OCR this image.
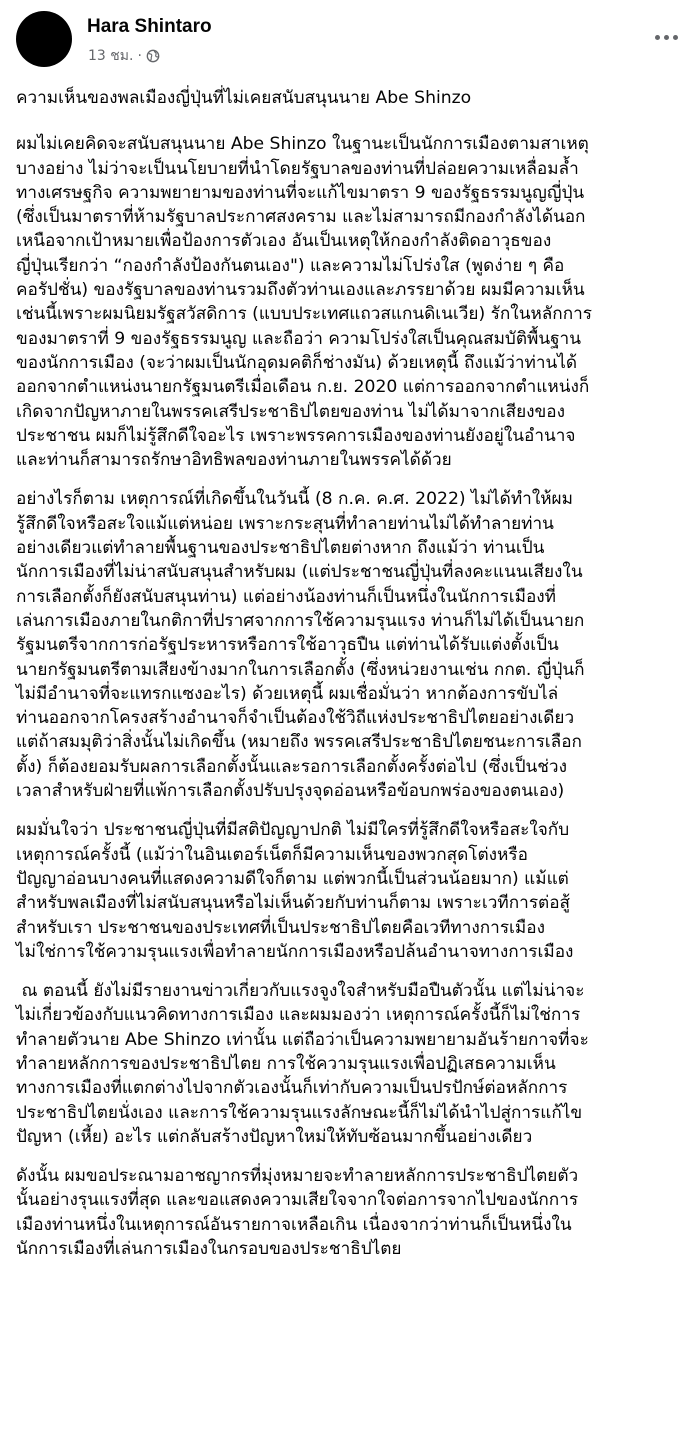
Hara Shintaro
13 ชม. ·

ความเห็นของพลเมืองญี่ปุ่นที่ไม่เคยสนับสนุนนาย Abe Shinzo

ผมไม่เคยคิดจะสนับสนุนนาย Abe Shinzo ในฐานะเป็นนักการเมืองตามสาเหตุ
บางอย่าง ไม่ว่าจะเป็นนโยบายที่นำโดยรัฐบาลของท่านที่ปล่อยความเหลื่อมล้ำ
ทางเศรษฐกิจ ความพยายามของท่านที่จะแก้ไขมาตรา 9 ของรัฐธรรมนูญญี่ปุ่น
(ซึ่งเป็นมาตราที่ห้ามรัฐบาลประกาศสงคราม และไม่สามารถมีกองกำลังได้นอก
เหนือจากเป้าหมายเพื่อป้องการตัวเอง อันเป็นเหตุให้กองกำลังติดอาวุธของ
ญี่ปุ่นเรียกว่า “กองกำลังป้องกันตนเอง") และความไม่โปร่งใส (พูดง่าย ๆ คือ
คอรัปชั่น) ของรัฐบาลของท่านรวมถึงตัวท่านเองและภรรยาด้วย ผมมีความเห็น
เช่นนี้เพราะผมนิยมรัฐสวัสดิการ (แบบประเทศแถวสแกนดิเนเวีย) รักในหลักการ
ของมาตราที่ 9 ของรัฐธรรมนูญ และถือว่า ความโปร่งใสเป็นคุณสมบัติพื้นฐาน
ของนักการเมือง (จะว่าผมเป็นนักอุดมคติก็ช่างมัน) ด้วยเหตุนี้ ถึงแม้ว่าท่านได้
ออกจากตำแหน่งนายกรัฐมนตรีเมื่อเดือน ก.ย. 2020 แต่การออกจากตำแหน่งก็
เกิดจากปัญหาภายในพรรคเสรีประชาธิปไตยของท่าน ไม่ได้มาจากเสียงของ
ประชาชน ผมก็ไม่รู้สึกดีใจอะไร เพราะพรรคการเมืองของท่านยังอยู่ในอำนาจ
และท่านก็สามารถรักษาอิทธิพลของท่านภายในพรรคได้ด้วย

อย่างไรก็ตาม เหตุการณ์ที่เกิดขึ้นในวันนี้ (8 ก.ค. ค.ศ. 2022) ไม่ได้ทำให้ผม
รู้สึกดีใจหรือสะใจแม้แต่หน่อย เพราะกระสุนที่ทำลายท่านไม่ได้ทำลายท่าน
อย่างเดียวแต่ทำลายพื้นฐานของประชาธิปไตยต่างหาก ถึงแม้ว่า ท่านเป็น
นักการเมืองที่ไม่น่าสนับสนุนสำหรับผม (แต่ประชาชนญี่ปุ่นที่ลงคะแนนเสียงใน
การเลือกตั้งก็ยังสนับสนุนท่าน) แต่อย่างน้องท่านก็เป็นหนึ่งในนักการเมืองที่
เล่นการเมืองภายในกติกาที่ปราศจากการใช้ความรุนแรง ท่านก็ไม่ได้เป็นนายก
รัฐมนตรีจากการก่อรัฐประหารหรือการใช้อาวุธปืน แต่ท่านได้รับแต่งตั้งเป็น
นายกรัฐมนตรีตามเสียงข้างมากในการเลือกตั้ง (ซึ่งหน่วยงานเช่น กกต. ญี่ปุ่นก็
ไม่มีอำนาจที่จะแทรกแซงอะไร) ด้วยเหตุนี้ ผมเชื่อมั่นว่า หากต้องการขับไล่
ท่านออกจากโครงสร้างอำนาจก็จำเป็นต้องใช้วิถีแห่งประชาธิปไตยอย่างเดียว
แต่ถ้าสมมุติว่าสิ่งนั้นไม่เกิดขึ้น (หมายถึง พรรคเสรีประชาธิปไตยชนะการเลือก
ตั้ง) ก็ต้องยอมรับผลการเลือกตั้งนั้นและรอการเลือกตั้งครั้งต่อไป (ซึ่งเป็นช่วง
เวลาสำหรับฝ่ายที่แพ้การเลือกตั้งปรับปรุงจุดอ่อนหรือข้อบกพร่องของตนเอง)

ผมมั่นใจว่า ประชาชนญี่ปุ่นที่มีสติปัญญาปกติ ไม่มีใครที่รู้สึกดีใจหรือสะใจกับ
เหตุการณ์ครั้งนี้ (แม้ว่าในอินเตอร์เน็ตก็มีความเห็นของพวกสุดโต่งหรือ
ปัญญาอ่อนบางคนที่แสดงความดีใจก็ตาม แต่พวกนี้เป็นส่วนน้อยมาก) แม้แต่
สำหรับพลเมืองที่ไม่สนับสนุนหรือไม่เห็นด้วยกับท่านก็ตาม เพราะเวทีการต่อสู้
สำหรับเรา ประชาชนของประเทศที่เป็นประชาธิปไตยคือเวทีทางการเมือง
ไม่ใช่การใช้ความรุนแรงเพื่อทำลายนักการเมืองหรือปล้นอำนาจทางการเมือง

ณ ตอนนี้ ยังไม่มีรายงานข่าวเกี่ยวกับแรงจูงใจสำหรับมือปืนตัวนั้น แต่ไม่น่าจะ
ไม่เกี่ยวข้องกับแนวคิดทางการเมือง และผมมองว่า เหตุการณ์ครั้งนี้ก็ไม่ใช่การ
ทำลายตัวนาย Abe Shinzo เท่านั้น แต่ถือว่าเป็นความพยายามอันร้ายกาจที่จะ
ทำลายหลักการของประชาธิปไตย การใช้ความรุนแรงเพื่อปฏิเสธความเห็น
ทางการเมืองที่แตกต่างไปจากตัวเองนั้นก็เท่ากับความเป็นปรปักษ์ต่อหลักการ
ประชาธิปไตยนั่งเอง และการใช้ความรุนแรงลักษณะนี้ก็ไม่ได้นำไปสู่การแก้ไข
ปัญหา (เหี้ย) อะไร แต่กลับสร้างปัญหาใหม่ให้ทับซ้อนมากขึ้นอย่างเดียว

ดังนั้น ผมขอประณามอาชญากรที่มุ่งหมายจะทำลายหลักการประชาธิปไตยตัว
นั้นอย่างรุนแรงที่สุด และขอแสดงความเสียใจจากใจต่อการจากไปของนักการ
เมืองท่านหนึ่งในเหตุการณ์อันรายกาจเหลือเกิน เนื่องจากว่าท่านก็เป็นหนึ่งใน
นักการเมืองที่เล่นการเมืองในกรอบของประชาธิปไตย
